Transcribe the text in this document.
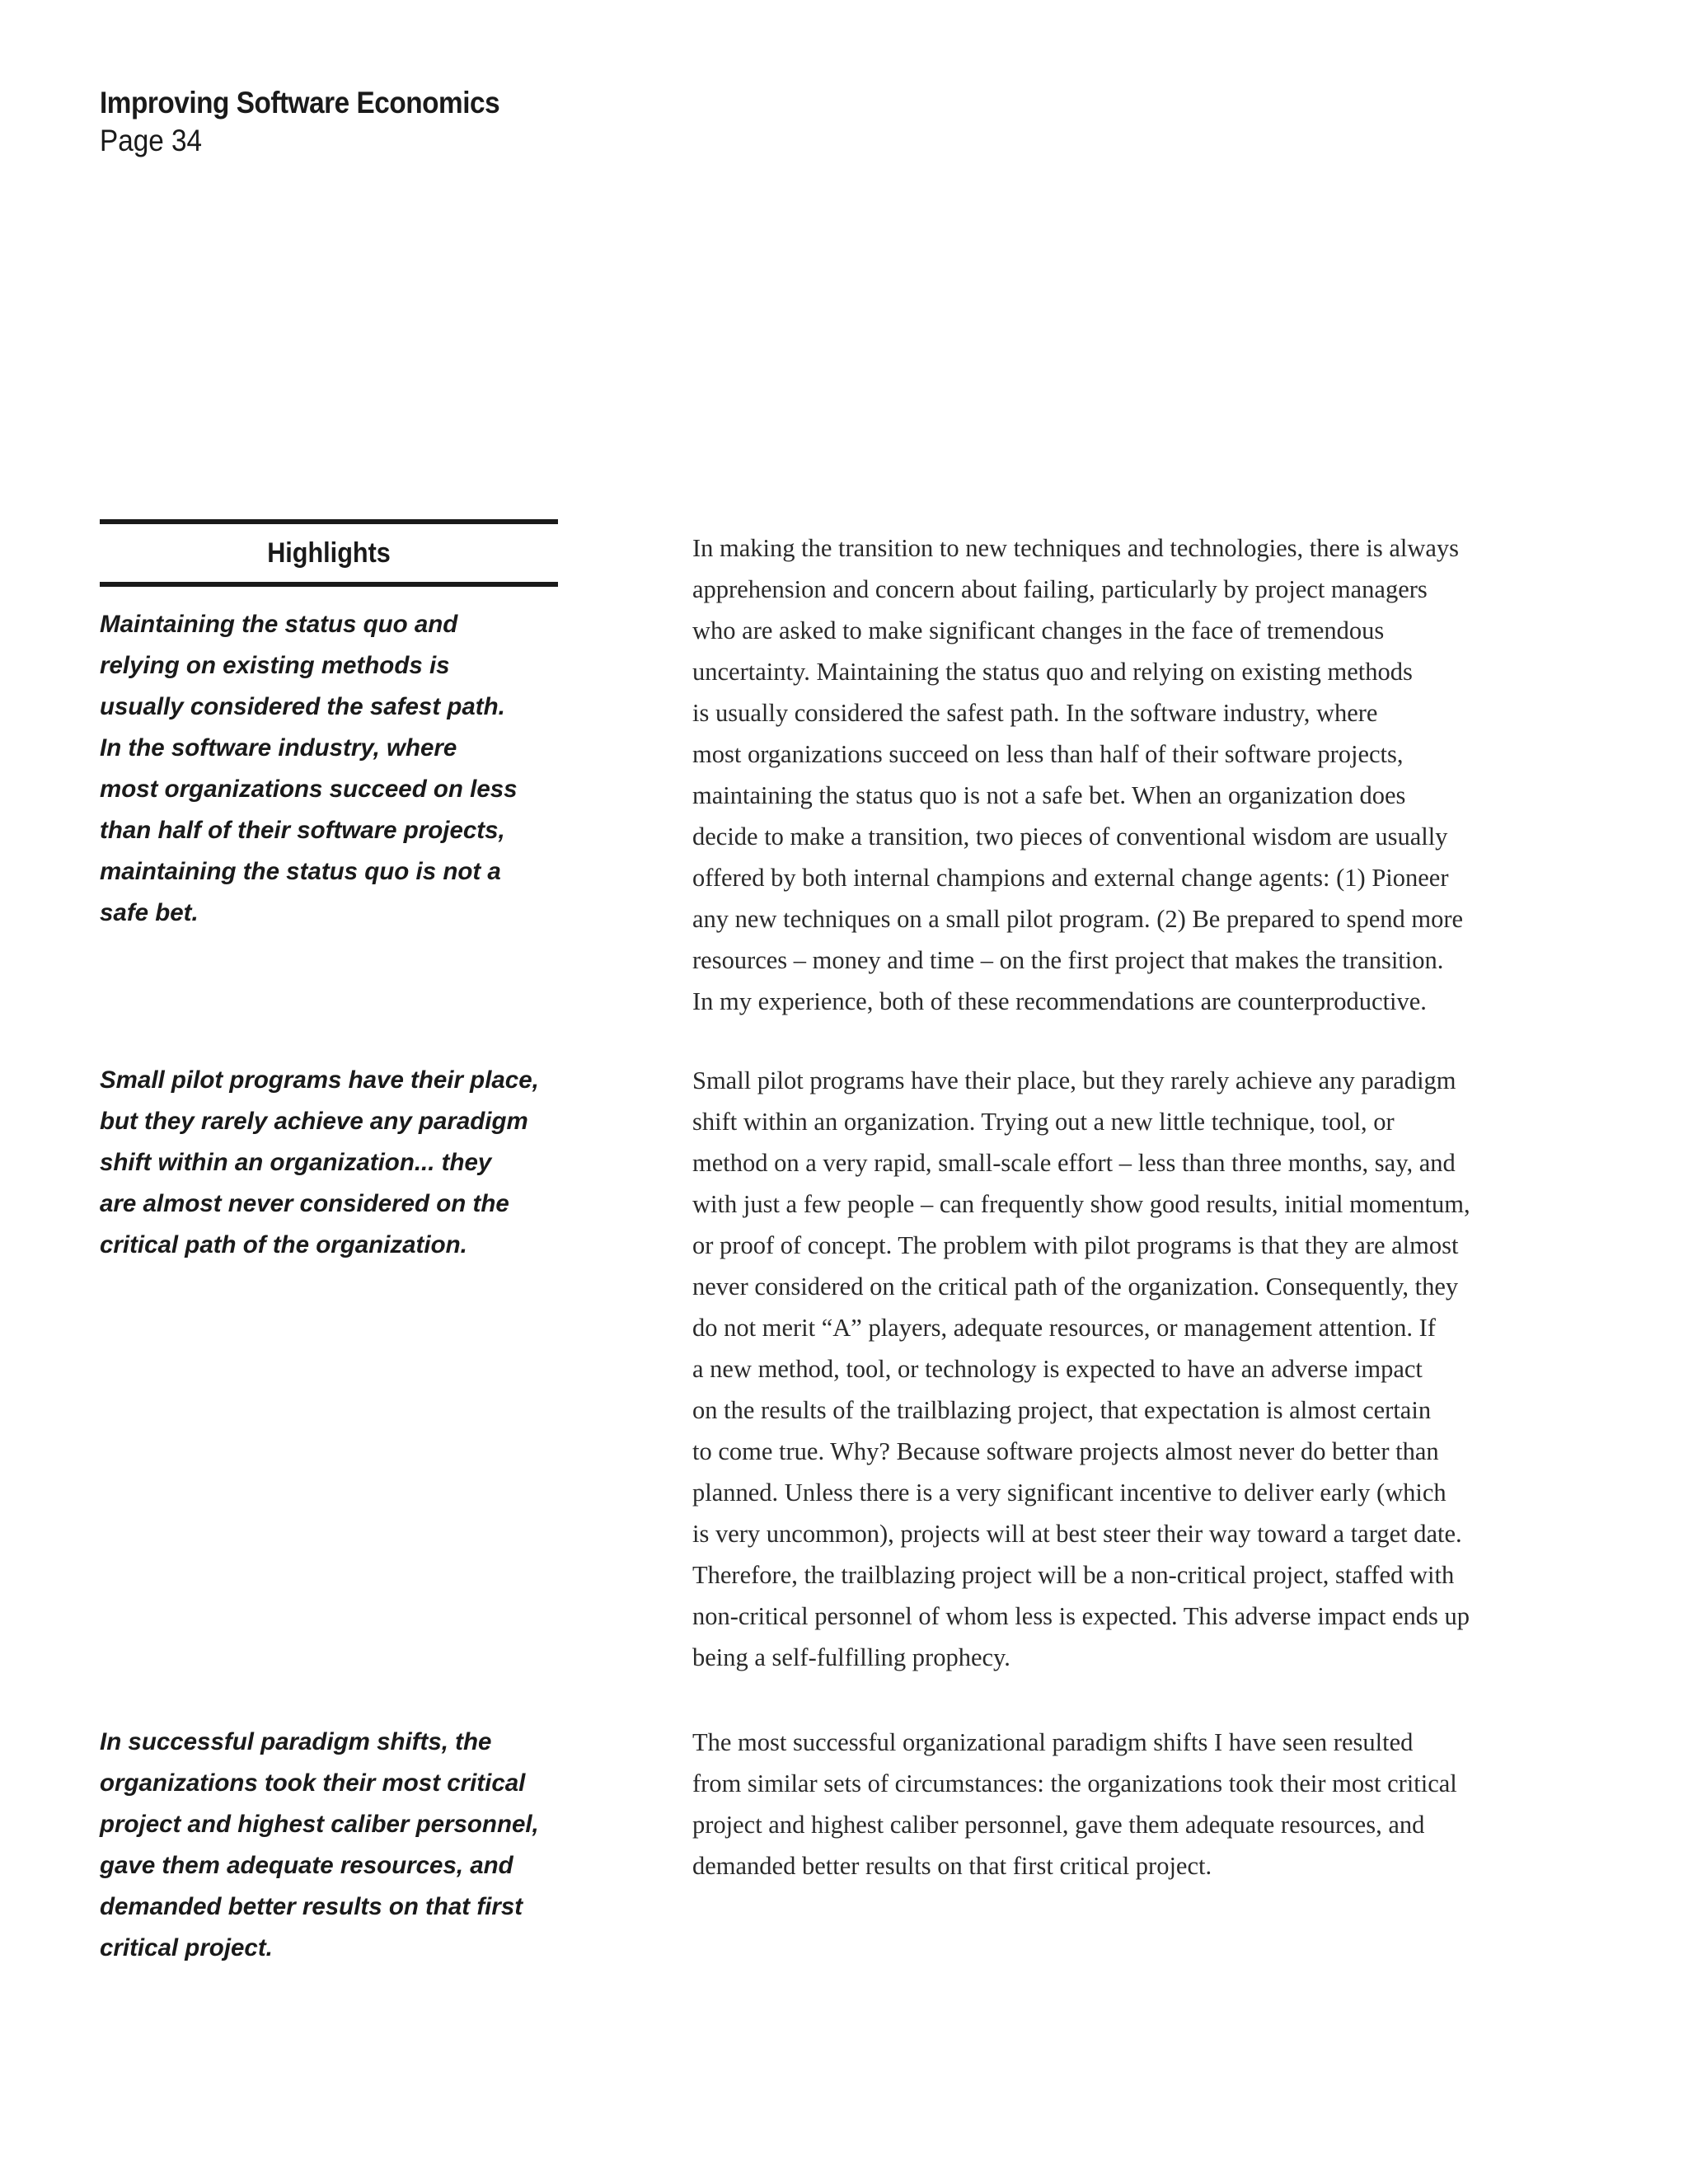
Improving Software Economics
Page 34
Highlights
Maintaining the status quo and
relying on existing methods is
usually considered the safest path.
In the software industry, where
most organizations succeed on less
than half of their software projects,
maintaining the status quo is not a
safe bet.
Small pilot programs have their place,
but they rarely achieve any paradigm
shift within an organization... they
are almost never considered on the
critical path of the organization.
In successful paradigm shifts, the
organizations took their most critical
project and highest caliber personnel,
gave them adequate resources, and
demanded better results on that first
critical project.
In making the transition to new techniques and technologies, there is always
apprehension and concern about failing, particularly by project managers
who are asked to make significant changes in the face of tremendous
uncertainty. Maintaining the status quo and relying on existing methods
is usually considered the safest path. In the software industry, where
most organizations succeed on less than half of their software projects,
maintaining the status quo is not a safe bet. When an organization does
decide to make a transition, two pieces of conventional wisdom are usually
offered by both internal champions and external change agents: (1) Pioneer
any new techniques on a small pilot program. (2) Be prepared to spend more
resources – money and time – on the first project that makes the transition.
In my experience, both of these recommendations are counterproductive.
Small pilot programs have their place, but they rarely achieve any paradigm
shift within an organization. Trying out a new little technique, tool, or
method on a very rapid, small-scale effort – less than three months, say, and
with just a few people – can frequently show good results, initial momentum,
or proof of concept. The problem with pilot programs is that they are almost
never considered on the critical path of the organization. Consequently, they
do not merit “A” players, adequate resources, or management attention. If
a new method, tool, or technology is expected to have an adverse impact
on the results of the trailblazing project, that expectation is almost certain
to come true. Why? Because software projects almost never do better than
planned. Unless there is a very significant incentive to deliver early (which
is very uncommon), projects will at best steer their way toward a target date.
Therefore, the trailblazing project will be a non-critical project, staffed with
non-critical personnel of whom less is expected. This adverse impact ends up
being a self-fulfilling prophecy.
The most successful organizational paradigm shifts I have seen resulted
from similar sets of circumstances: the organizations took their most critical
project and highest caliber personnel, gave them adequate resources, and
demanded better results on that first critical project.
